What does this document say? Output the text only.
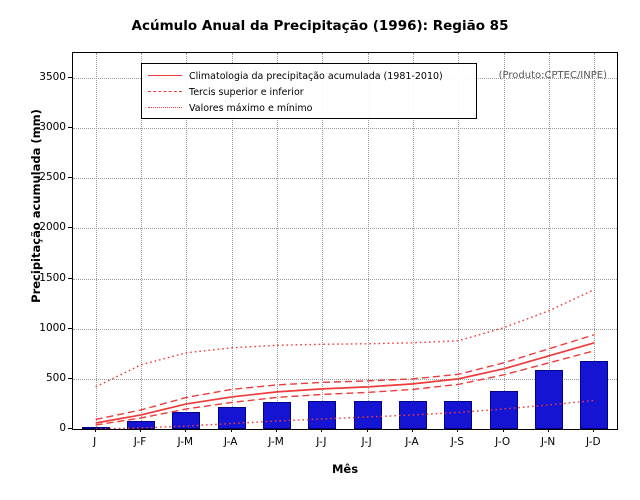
Acúmulo Anual da Precipitação (1996): Região 85
Climatologia da precipitação acumulada (1981-2010)
Tercis superior e inferior
Valores máximo e mínimo
(Produto:CPTEC/INPE)
0
500
1000
1500
2000
2500
3000
3500
J	J-F	J-M	J-A	J-M	J-J	J-J	J-A	J-S	J-O	J-N	J-D
Precipitação acumulada (mm)
Mês
